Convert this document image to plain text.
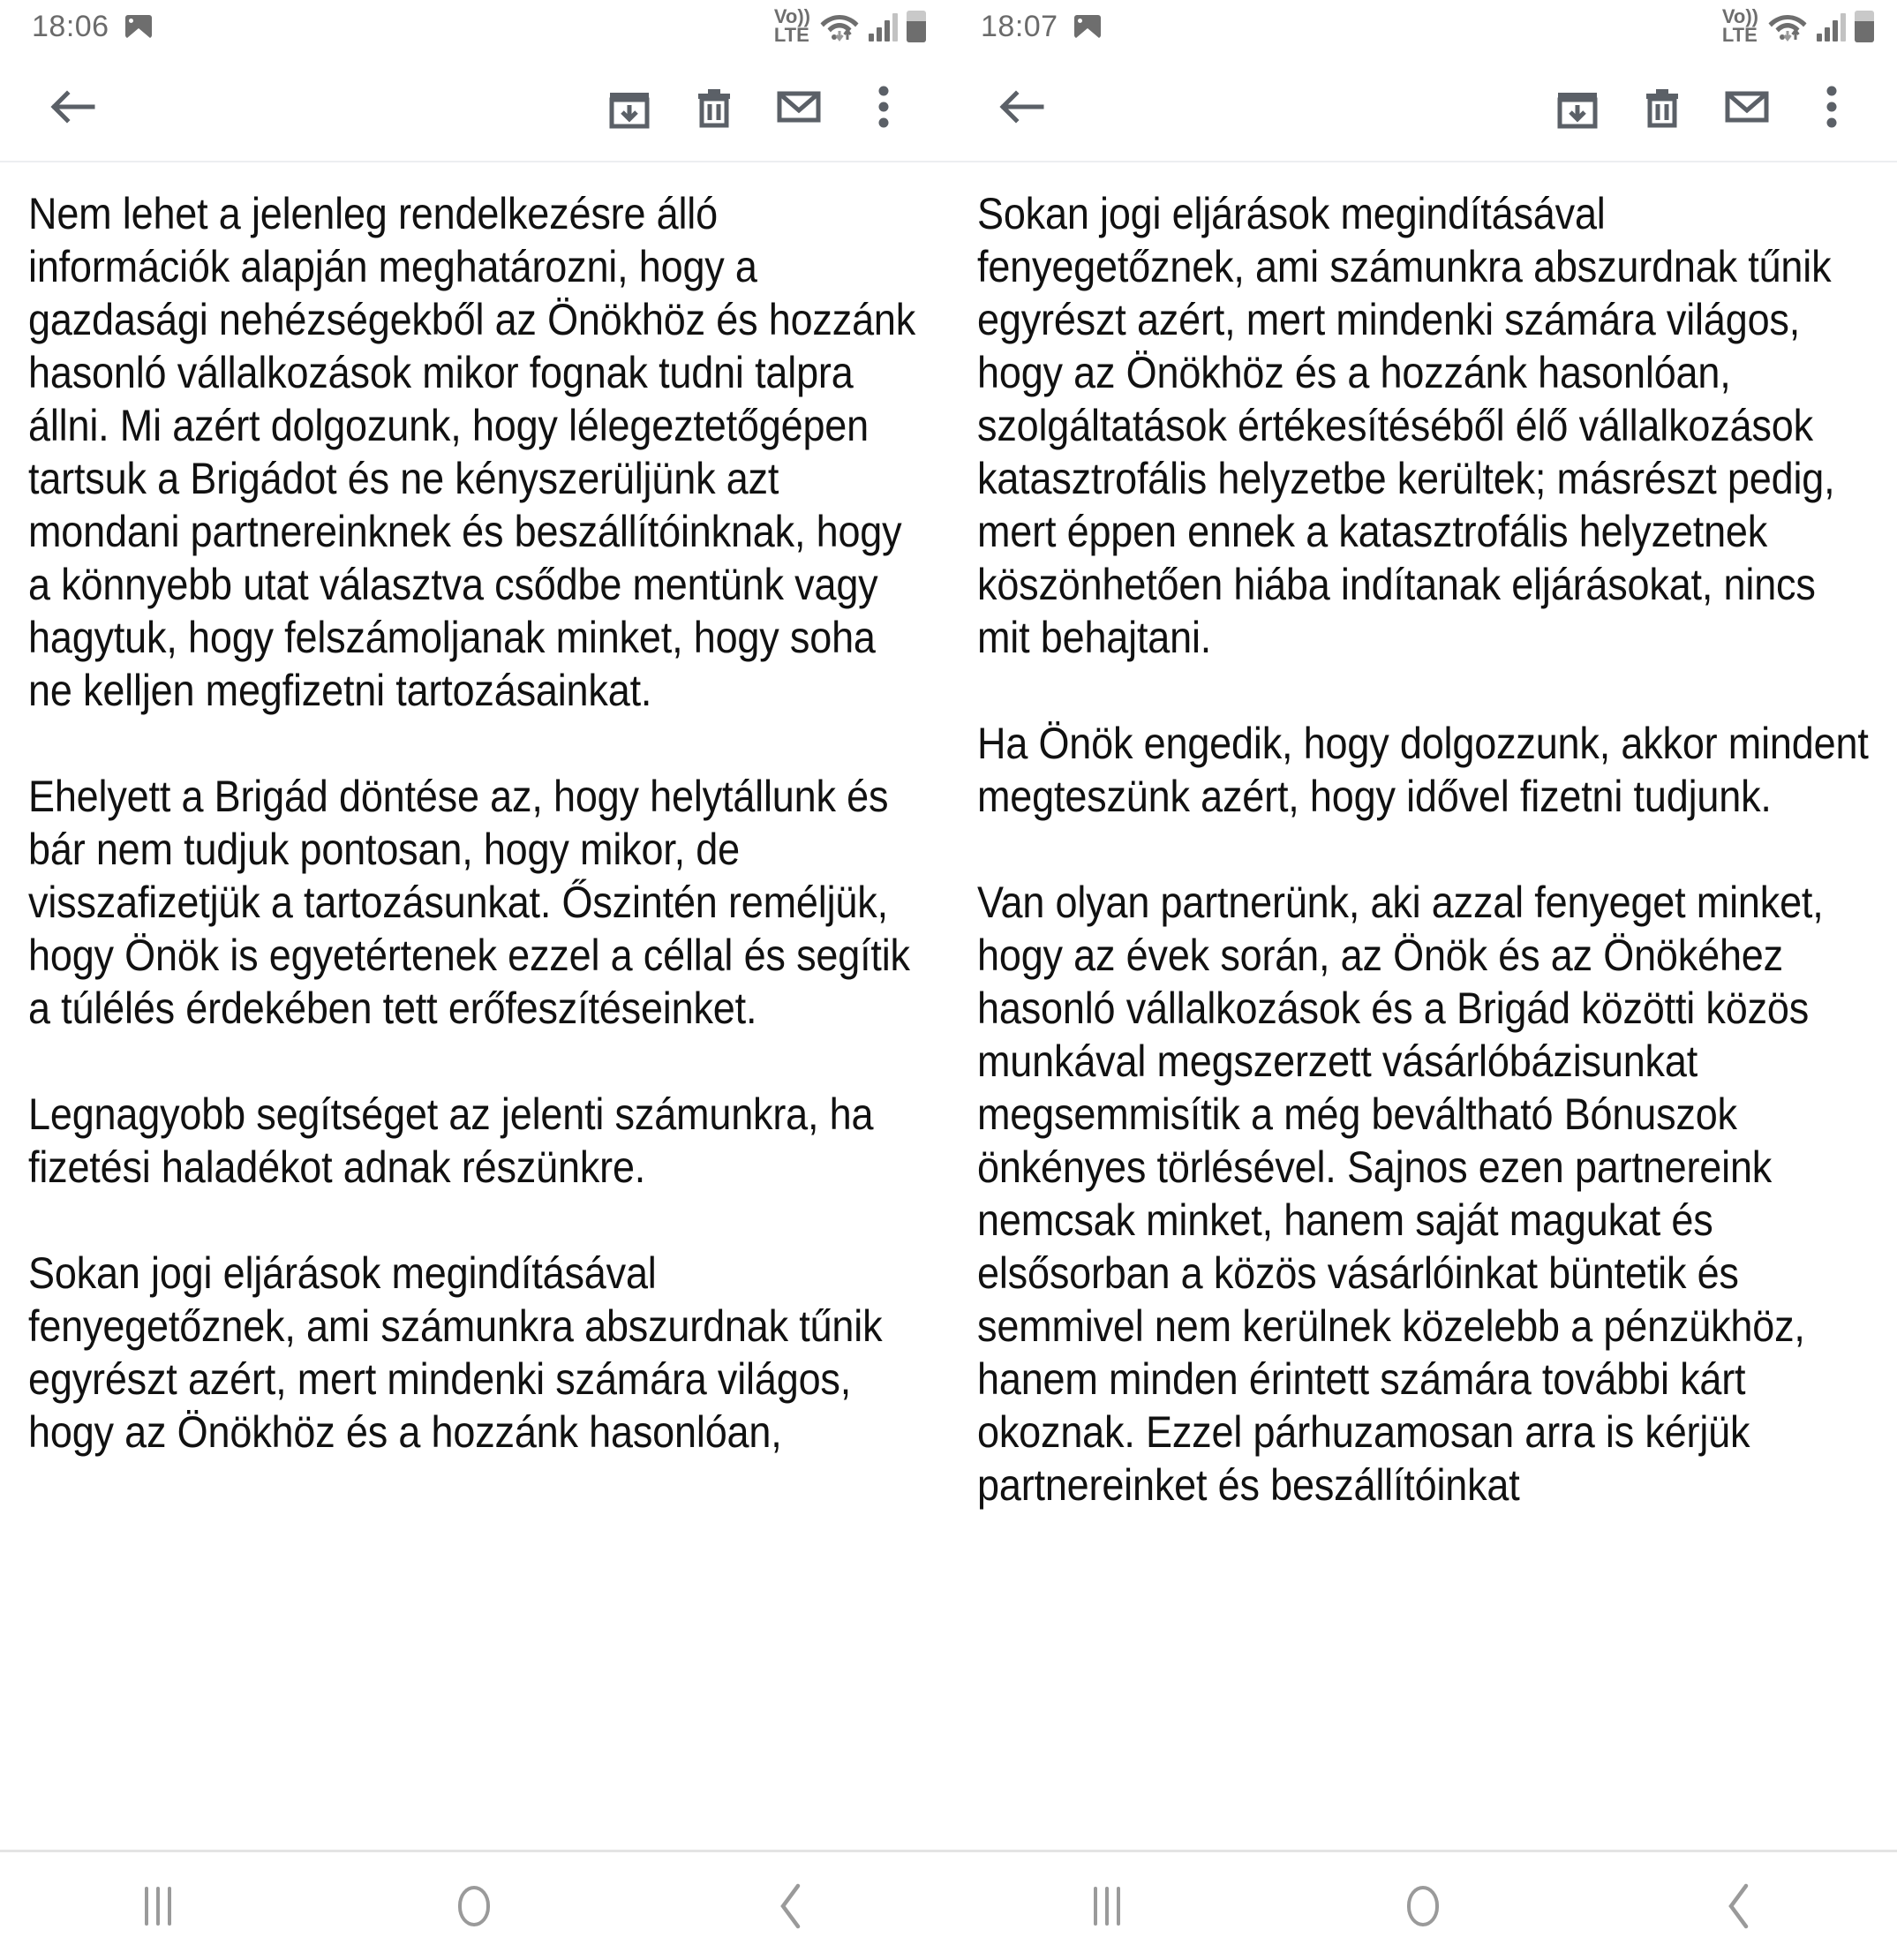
18:06	Vo))
LTE

Nem lehet a jelenleg rendelkezésre álló információk alapján meghatározni, hogy a gazdasági nehézségekből az Önökhöz és hozzánk hasonló vállalkozások mikor fognak tudni talpra állni. Mi azért dolgozunk, hogy lélegeztetőgépen tartsuk a Brigádot és ne kényszerüljünk azt mondani partnereinknek és beszállítóinknak, hogy a könnyebb utat választva csődbe mentünk vagy hagytuk, hogy felszámoljanak minket, hogy soha ne kelljen megfizetni tartozásainkat.

Ehelyett a Brigád döntése az, hogy helytállunk és bár nem tudjuk pontosan, hogy mikor, de visszafizetjük a tartozásunkat. Őszintén reméljük, hogy Önök is egyetértenek ezzel a céllal és segítik a túlélés érdekében tett erőfeszítéseinket.

Legnagyobb segítséget az jelenti számunkra, ha fizetési haladékot adnak részünkre.

Sokan jogi eljárások megindításával fenyegetőznek, ami számunkra abszurdnak tűnik egyrészt azért, mert mindenki számára világos, hogy az Önökhöz és a hozzánk hasonlóan,

18:07	Vo))
LTE

Sokan jogi eljárások megindításával fenyegetőznek, ami számunkra abszurdnak tűnik egyrészt azért, mert mindenki számára világos, hogy az Önökhöz és a hozzánk hasonlóan, szolgáltatások értékesítéséből élő vállalkozások katasztrofális helyzetbe kerültek; másrészt pedig, mert éppen ennek a katasztrofális helyzetnek köszönhetően hiába indítanak eljárásokat, nincs mit behajtani.

Ha Önök engedik, hogy dolgozzunk, akkor mindent megteszünk azért, hogy idővel fizetni tudjunk.

Van olyan partnerünk, aki azzal fenyeget minket, hogy az évek során, az Önök és az Önökéhez hasonló vállalkozások és a Brigád közötti közös munkával megszerzett vásárlóbázisunkat megsemmisítik a még beváltható Bónuszok önkényes törlésével. Sajnos ezen partnereink nemcsak minket, hanem saját magukat és elsősorban a közös vásárlóinkat büntetik és semmivel nem kerülnek közelebb a pénzükhöz, hanem minden érintett számára további kárt okoznak. Ezzel párhuzamosan arra is kérjük partnereinket és beszállítóinkat
